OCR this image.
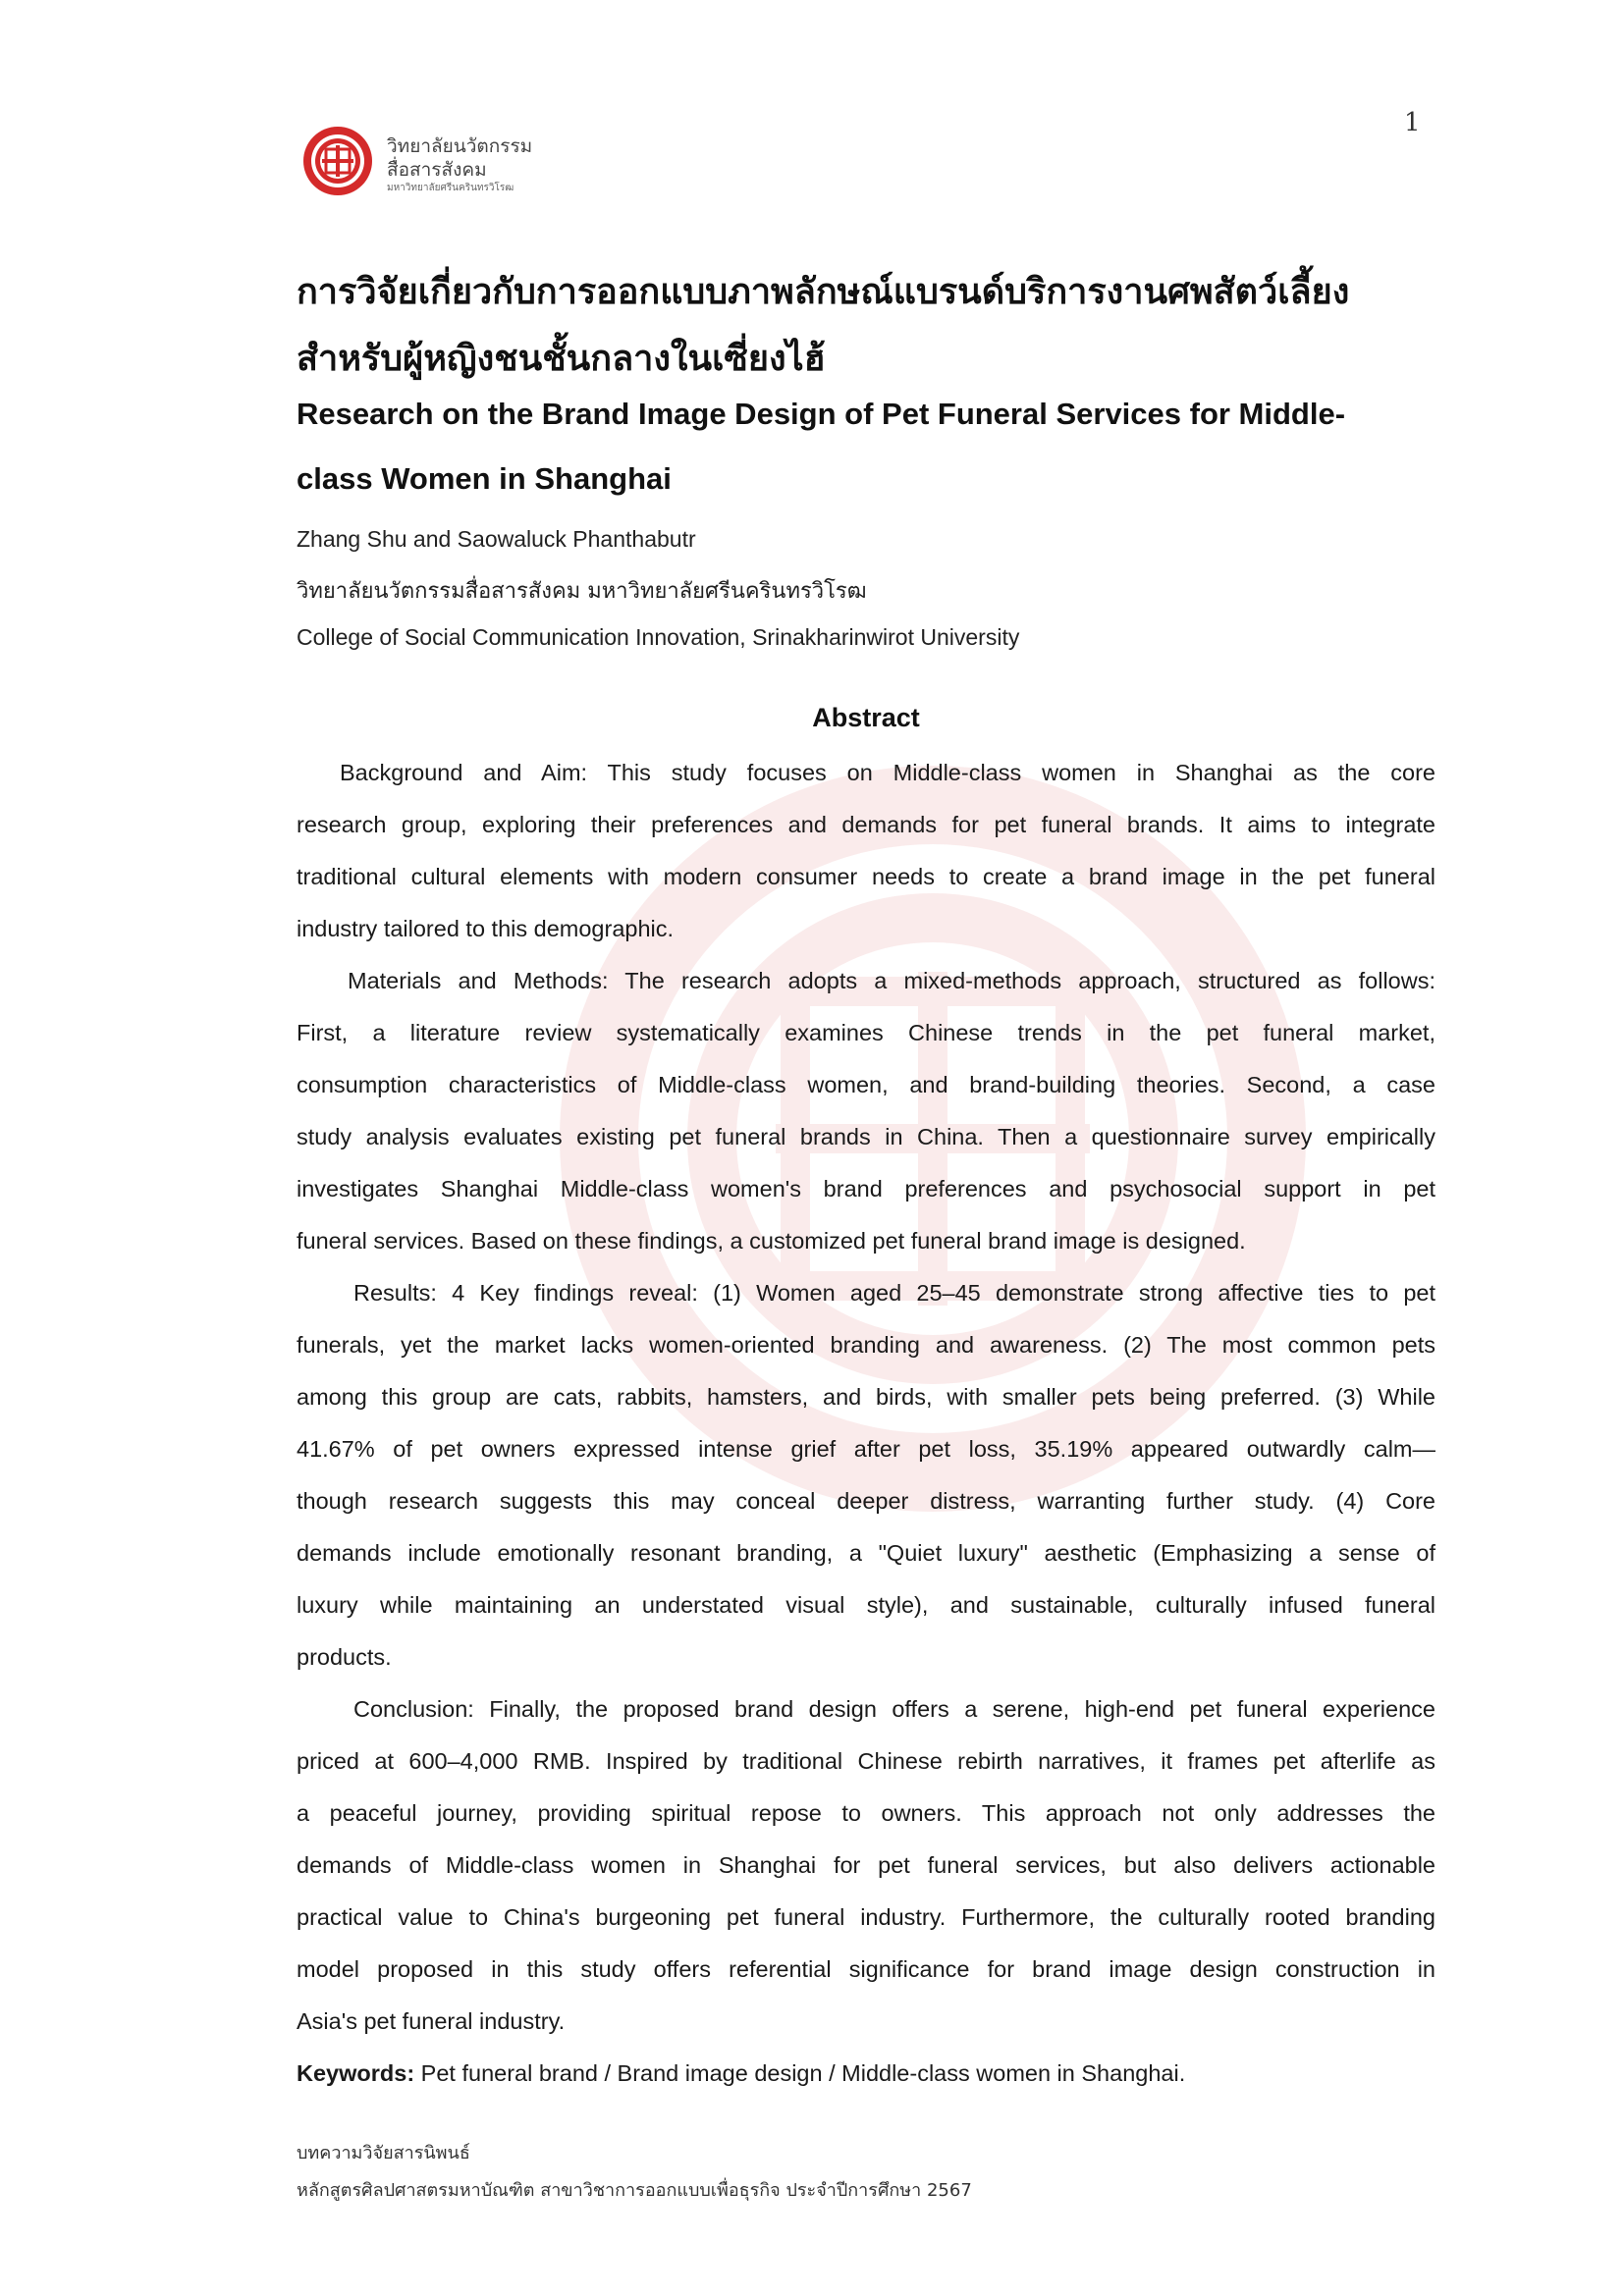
1
วิทยาลัยนวัตกรรม
สื่อสารสังคม
มหาวิทยาลัยศรีนครินทรวิโรฒ
การวิจัยเกี่ยวกับการออกแบบภาพลักษณ์แบรนด์บริการงานศพสัตว์เลี้ยง
สำหรับผู้หญิงชนชั้นกลางในเซี่ยงไฮ้
Research on the Brand Image Design of Pet Funeral Services for Middle-
class Women in Shanghai
Zhang Shu and Saowaluck Phanthabutr
วิทยาลัยนวัตกรรมสื่อสารสังคม มหาวิทยาลัยศรีนครินทรวิโรฒ
College of Social Communication Innovation, Srinakharinwirot University
Abstract
Background and Aim: This study focuses on Middle-class women in Shanghai as the core
research group, exploring their preferences and demands for pet funeral brands. It aims to integrate
traditional cultural elements with modern consumer needs to create a brand image in the pet funeral
industry tailored to this demographic.
Materials and Methods: The research adopts a mixed-methods approach, structured as follows:
First, a literature review systematically examines Chinese trends in the pet funeral market,
consumption characteristics of Middle-class women, and brand-building theories. Second, a case
study analysis evaluates existing pet funeral brands in China. Then a questionnaire survey empirically
investigates Shanghai Middle-class women's brand preferences and psychosocial support in pet
funeral services. Based on these findings, a customized pet funeral brand image is designed.
Results: 4 Key findings reveal: (1) Women aged 25–45 demonstrate strong affective ties to pet
funerals, yet the market lacks women-oriented branding and awareness. (2) The most common pets
among this group are cats, rabbits, hamsters, and birds, with smaller pets being preferred. (3) While
41.67% of pet owners expressed intense grief after pet loss, 35.19% appeared outwardly calm—
though research suggests this may conceal deeper distress, warranting further study. (4) Core
demands include emotionally resonant branding, a "Quiet luxury" aesthetic (Emphasizing a sense of
luxury while maintaining an understated visual style), and sustainable, culturally infused funeral
products.
Conclusion: Finally, the proposed brand design offers a serene, high-end pet funeral experience
priced at 600–4,000 RMB. Inspired by traditional Chinese rebirth narratives, it frames pet afterlife as
a peaceful journey, providing spiritual repose to owners. This approach not only addresses the
demands of Middle-class women in Shanghai for pet funeral services, but also delivers actionable
practical value to China's burgeoning pet funeral industry. Furthermore, the culturally rooted branding
model proposed in this study offers referential significance for brand image design construction in
Asia's pet funeral industry.
Keywords: Pet funeral brand / Brand image design / Middle-class women in Shanghai.
บทความวิจัยสารนิพนธ์
หลักสูตรศิลปศาสตรมหาบัณฑิต สาขาวิชาการออกแบบเพื่อธุรกิจ ประจำปีการศึกษา 2567
